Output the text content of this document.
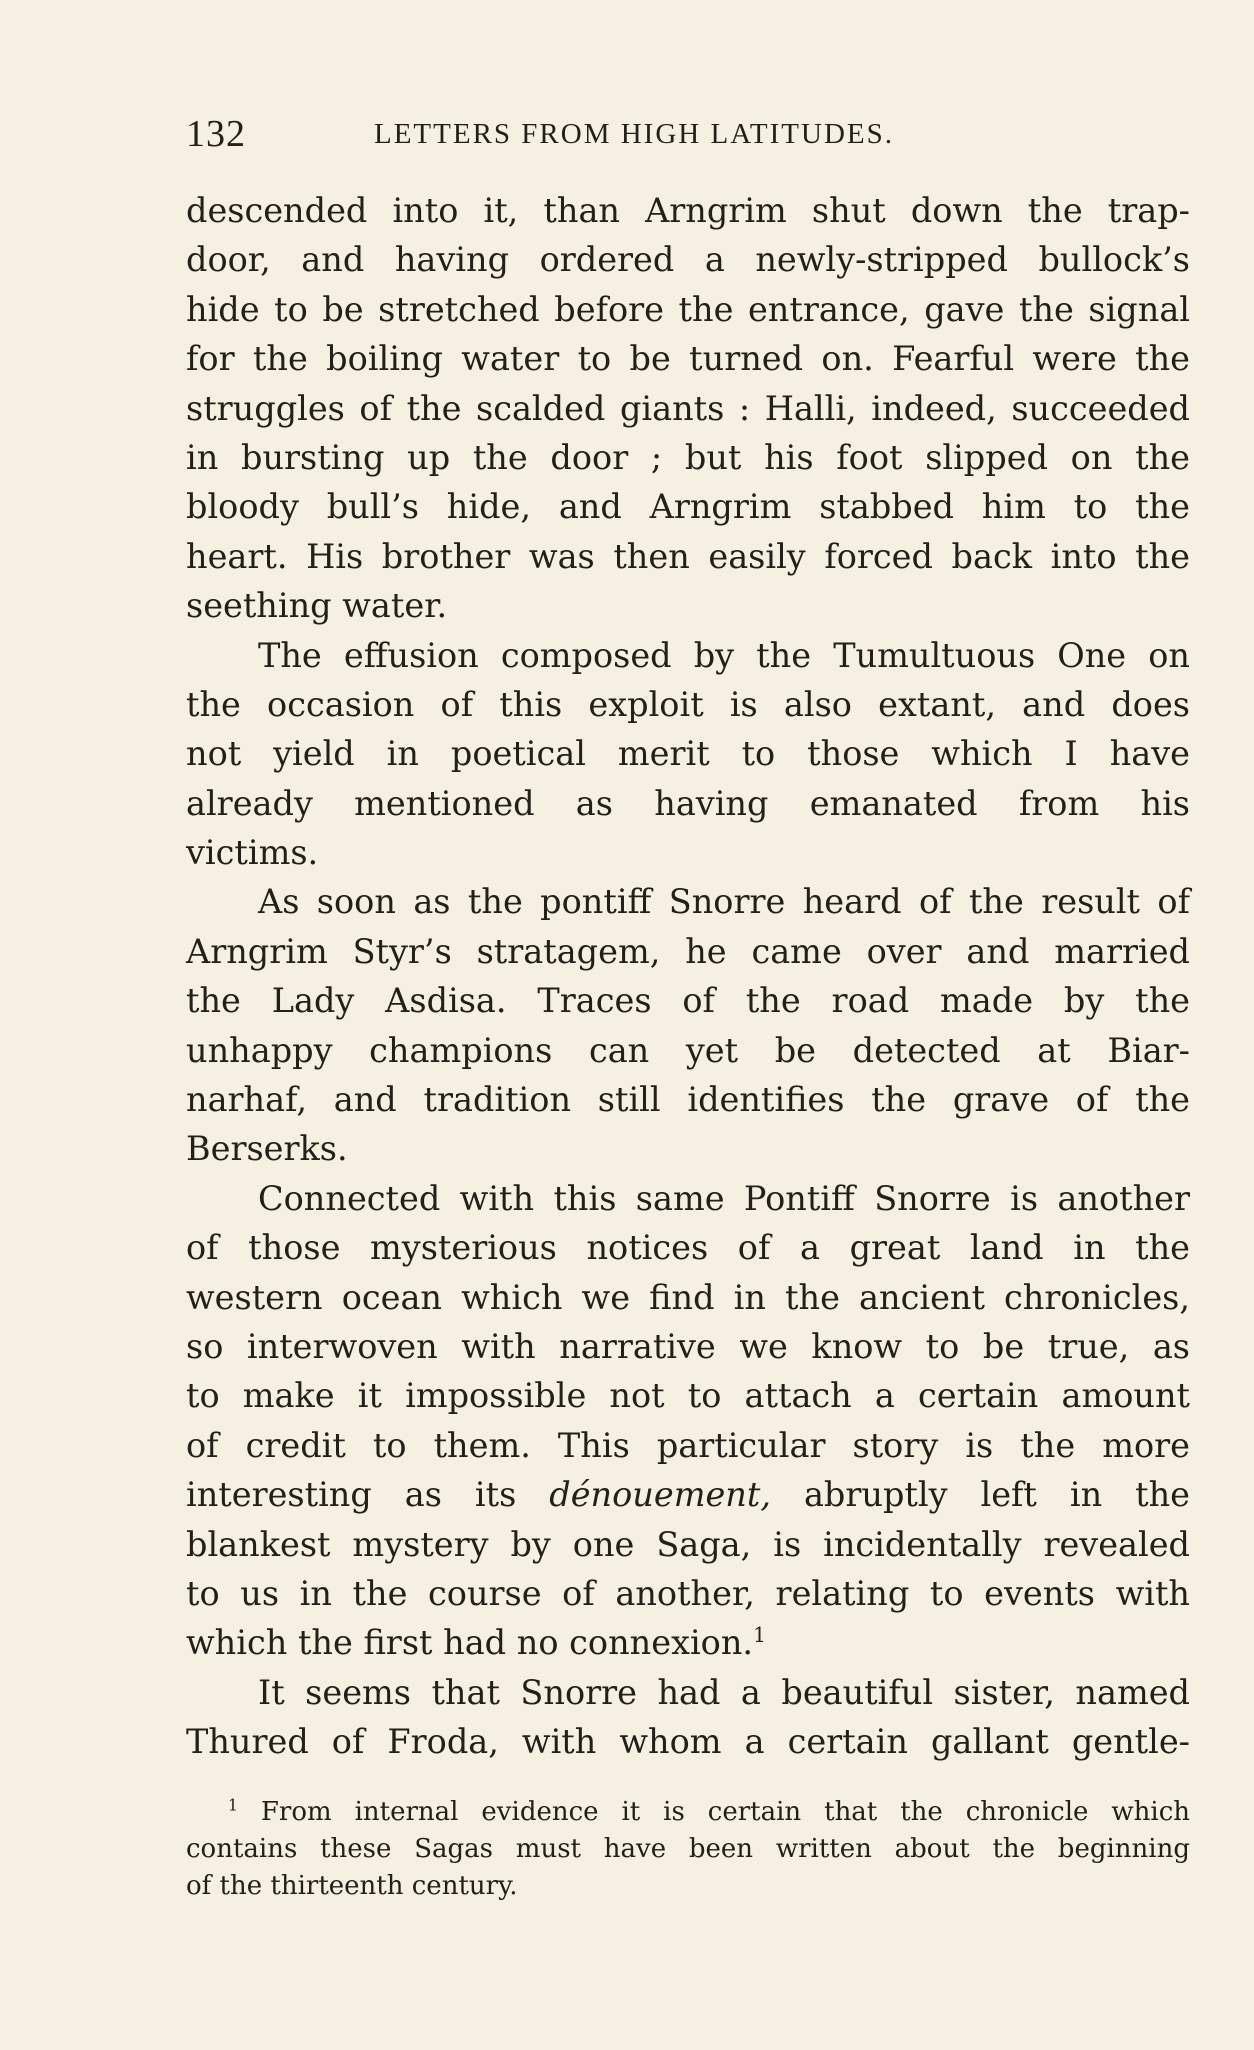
132	LETTERS FROM HIGH LATITUDES.
descended into it, than Arngrim shut down the trap-
door, and having ordered a newly-stripped bullock’s
hide to be stretched before the entrance, gave the signal
for the boiling water to be turned on. Fearful were the
struggles of the scalded giants : Halli, indeed, succeeded
in bursting up the door ; but his foot slipped on the
bloody bull’s hide, and Arngrim stabbed him to the
heart. His brother was then easily forced back into the
seething water.
The effusion composed by the Tumultuous One on
the occasion of this exploit is also extant, and does
not yield in poetical merit to those which I have
already mentioned as having emanated from his
victims.
As soon as the pontiff Snorre heard of the result of
Arngrim Styr’s stratagem, he came over and married
the Lady Asdisa. Traces of the road made by the
unhappy champions can yet be detected at Biar-
narhaf, and tradition still identifies the grave of the
Berserks.
Connected with this same Pontiff Snorre is another
of those mysterious notices of a great land in the
western ocean which we find in the ancient chronicles,
so interwoven with narrative we know to be true, as
to make it impossible not to attach a certain amount
of credit to them. This particular story is the more
interesting as its dénouement, abruptly left in the
blankest mystery by one Saga, is incidentally revealed
to us in the course of another, relating to events with
which the first had no connexion.$^1$
It seems that Snorre had a beautiful sister, named
Thured of Froda, with whom a certain gallant gentle-
$^1$ From internal evidence it is certain that the chronicle which
contains these Sagas must have been written about the beginning
of the thirteenth century.
